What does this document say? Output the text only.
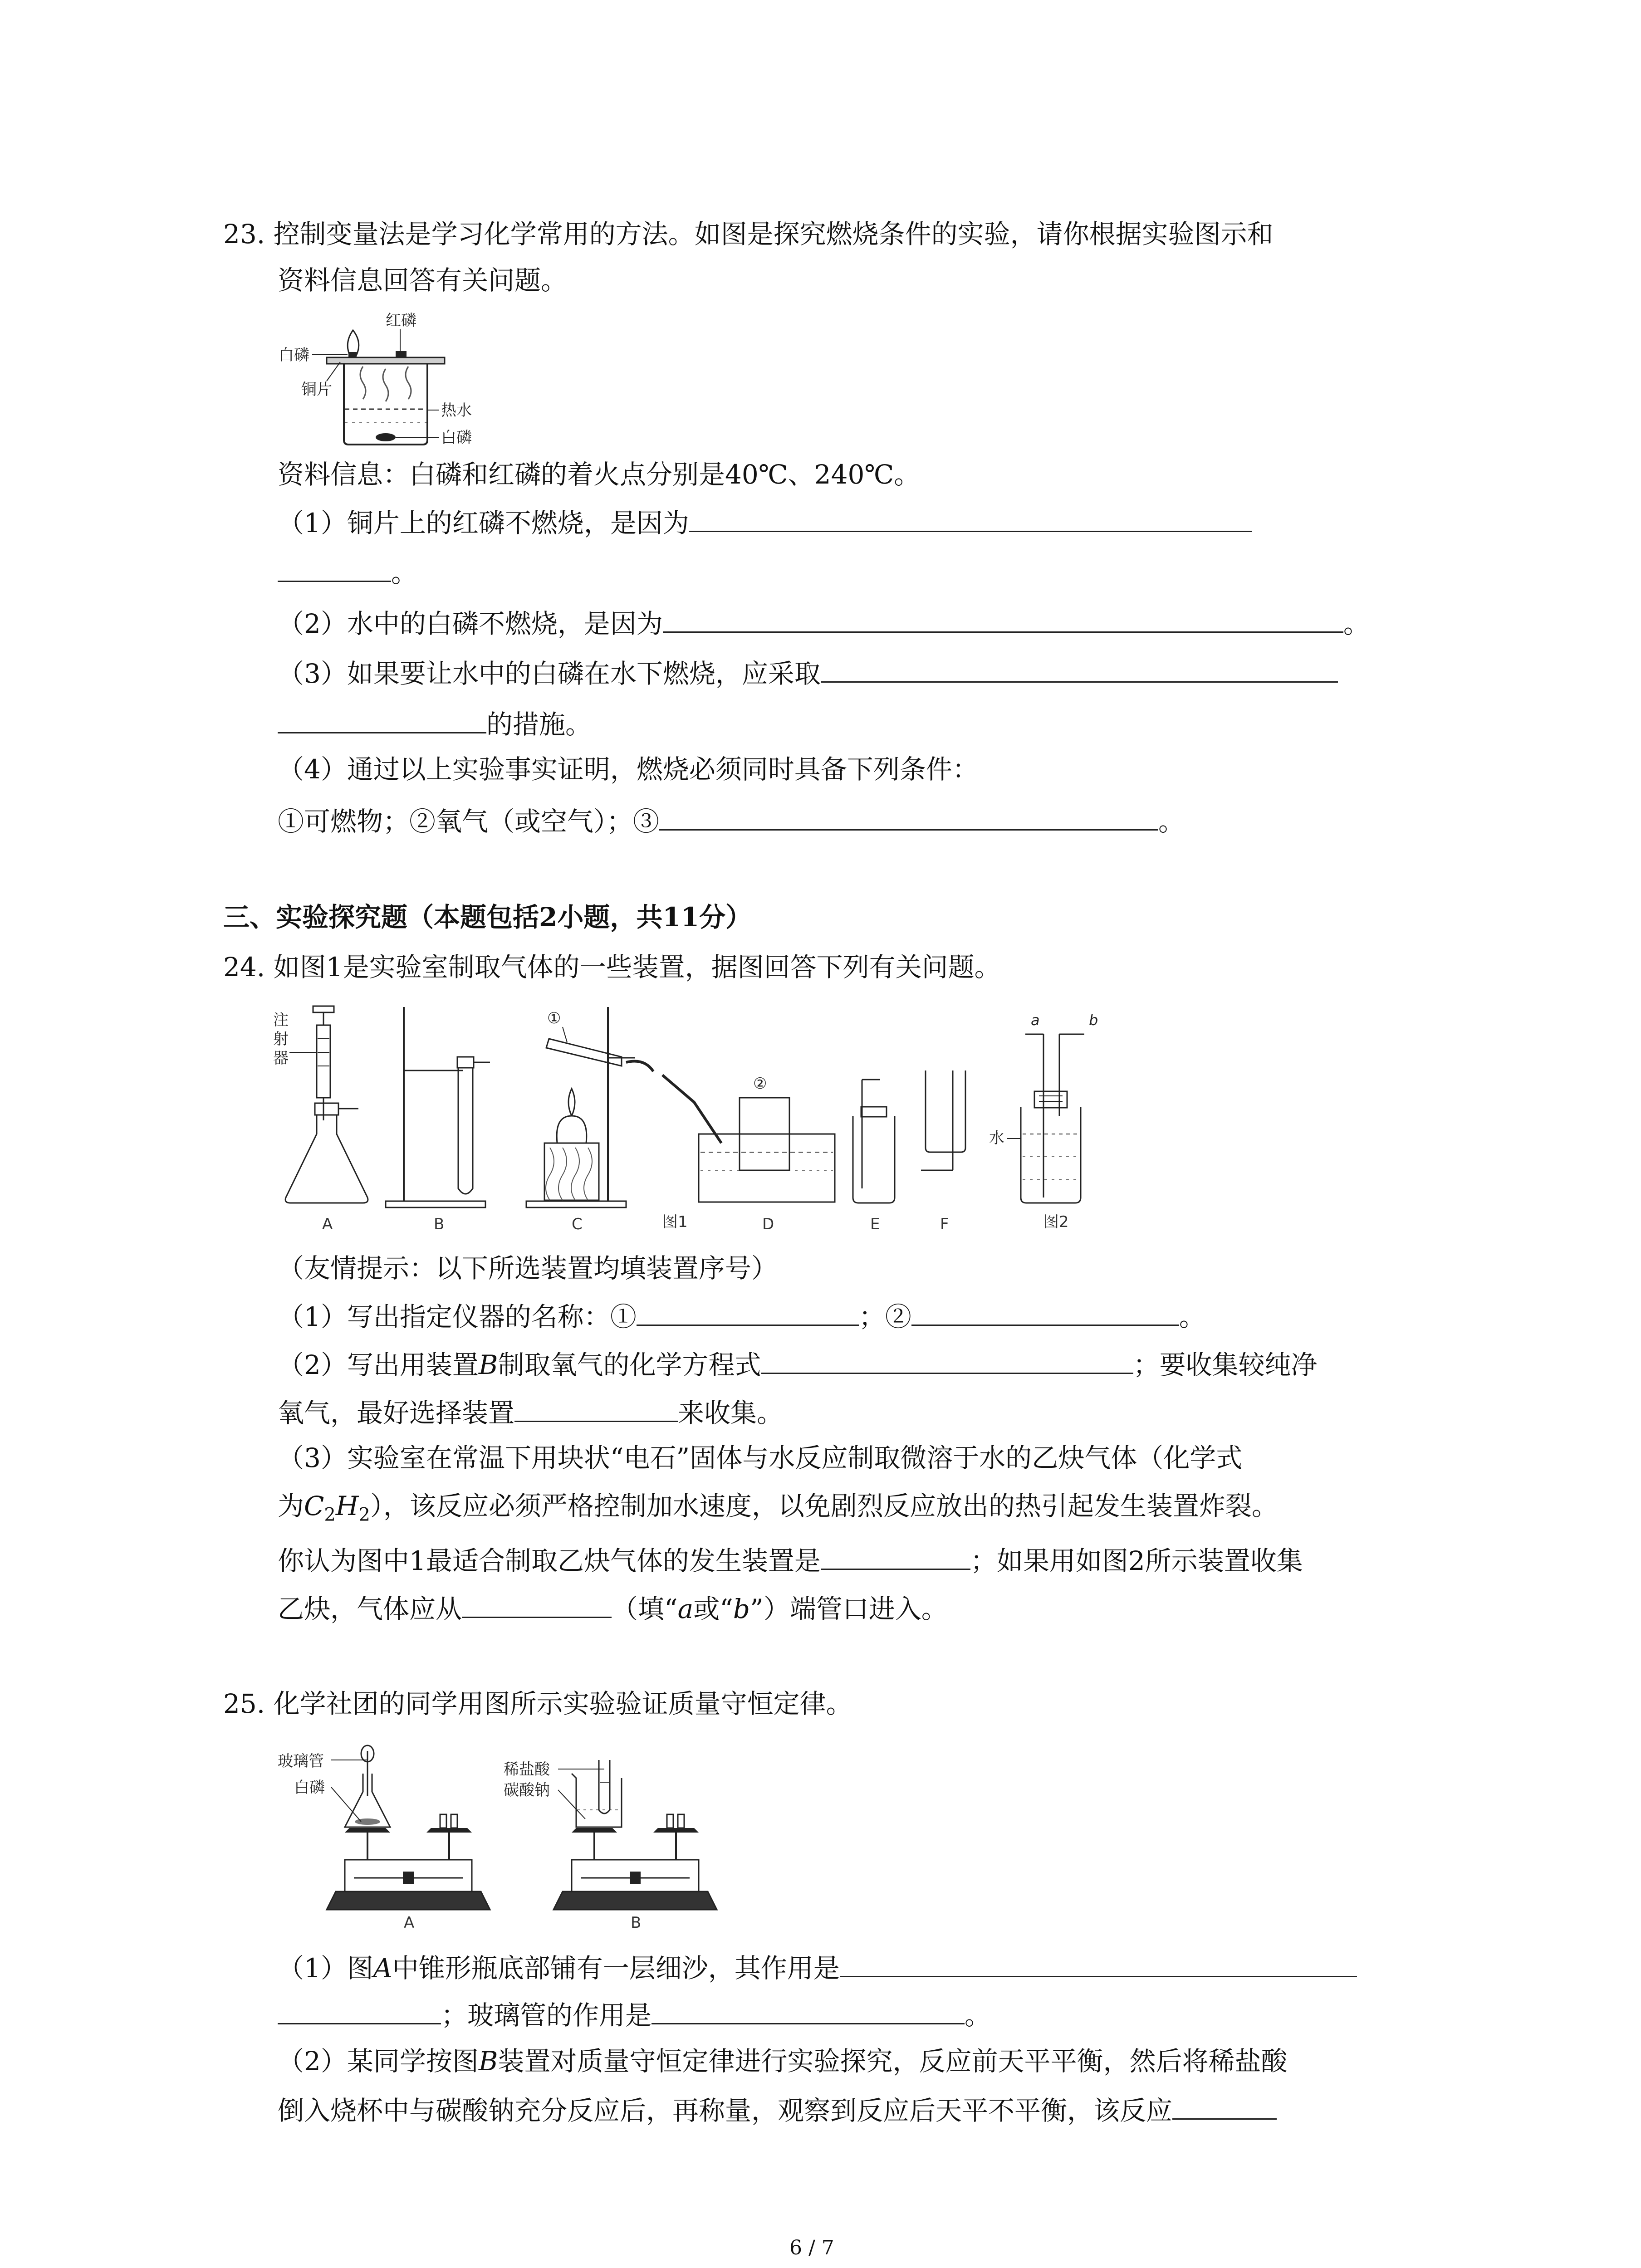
23. 控制变量法是学习化学常用的方法。如图是探究燃烧条件的实验，请你根据实验图示和
资料信息回答有关问题。
红磷
白磷
铜片
热水
白磷
资料信息：白磷和红磷的着火点分别是40℃、240℃。
（1）铜片上的红磷不燃烧，是因为
。
（2）水中的白磷不燃烧，是因为	。
（3）如果要让水中的白磷在水下燃烧，应采取
的措施。
（4）通过以上实验事实证明，燃烧必须同时具备下列条件：
①可燃物；②氧气（或空气）；③	。
三、实验探究题（本题包括2小题，共11分）
24. 如图1是实验室制取气体的一些装置，据图回答下列有关问题。
注
射
器
A	B
①
C
②
D
图1	E	F
a	b
水
图2
（友情提示：以下所选装置均填装置序号）
（1）写出指定仪器的名称：①	；②	。
（2）写出用装置B制取氧气的化学方程式	；要收集较纯净
氧气，最好选择装置	来收集。
（3）实验室在常温下用块状“电石”固体与水反应制取微溶于水的乙炔气体（化学式
为$C_2H_2$），该反应必须严格控制加水速度，以免剧烈反应放出的热引起发生装置炸裂。
你认为图中1最适合制取乙炔气体的发生装置是	；如果用如图2所示装置收集
乙炔，气体应从	（填“a或“b”）端管口进入。
25. 化学社团的同学用图所示实验验证质量守恒定律。
玻璃管
白磷
A
稀盐酸
碳酸钠
B
（1）图A中锥形瓶底部铺有一层细沙，其作用是
；玻璃管的作用是	。
（2）某同学按图B装置对质量守恒定律进行实验探究，反应前天平平衡，然后将稀盐酸
倒入烧杯中与碳酸钠充分反应后，再称量，观察到反应后天平不平衡，该反应
6 / 7
